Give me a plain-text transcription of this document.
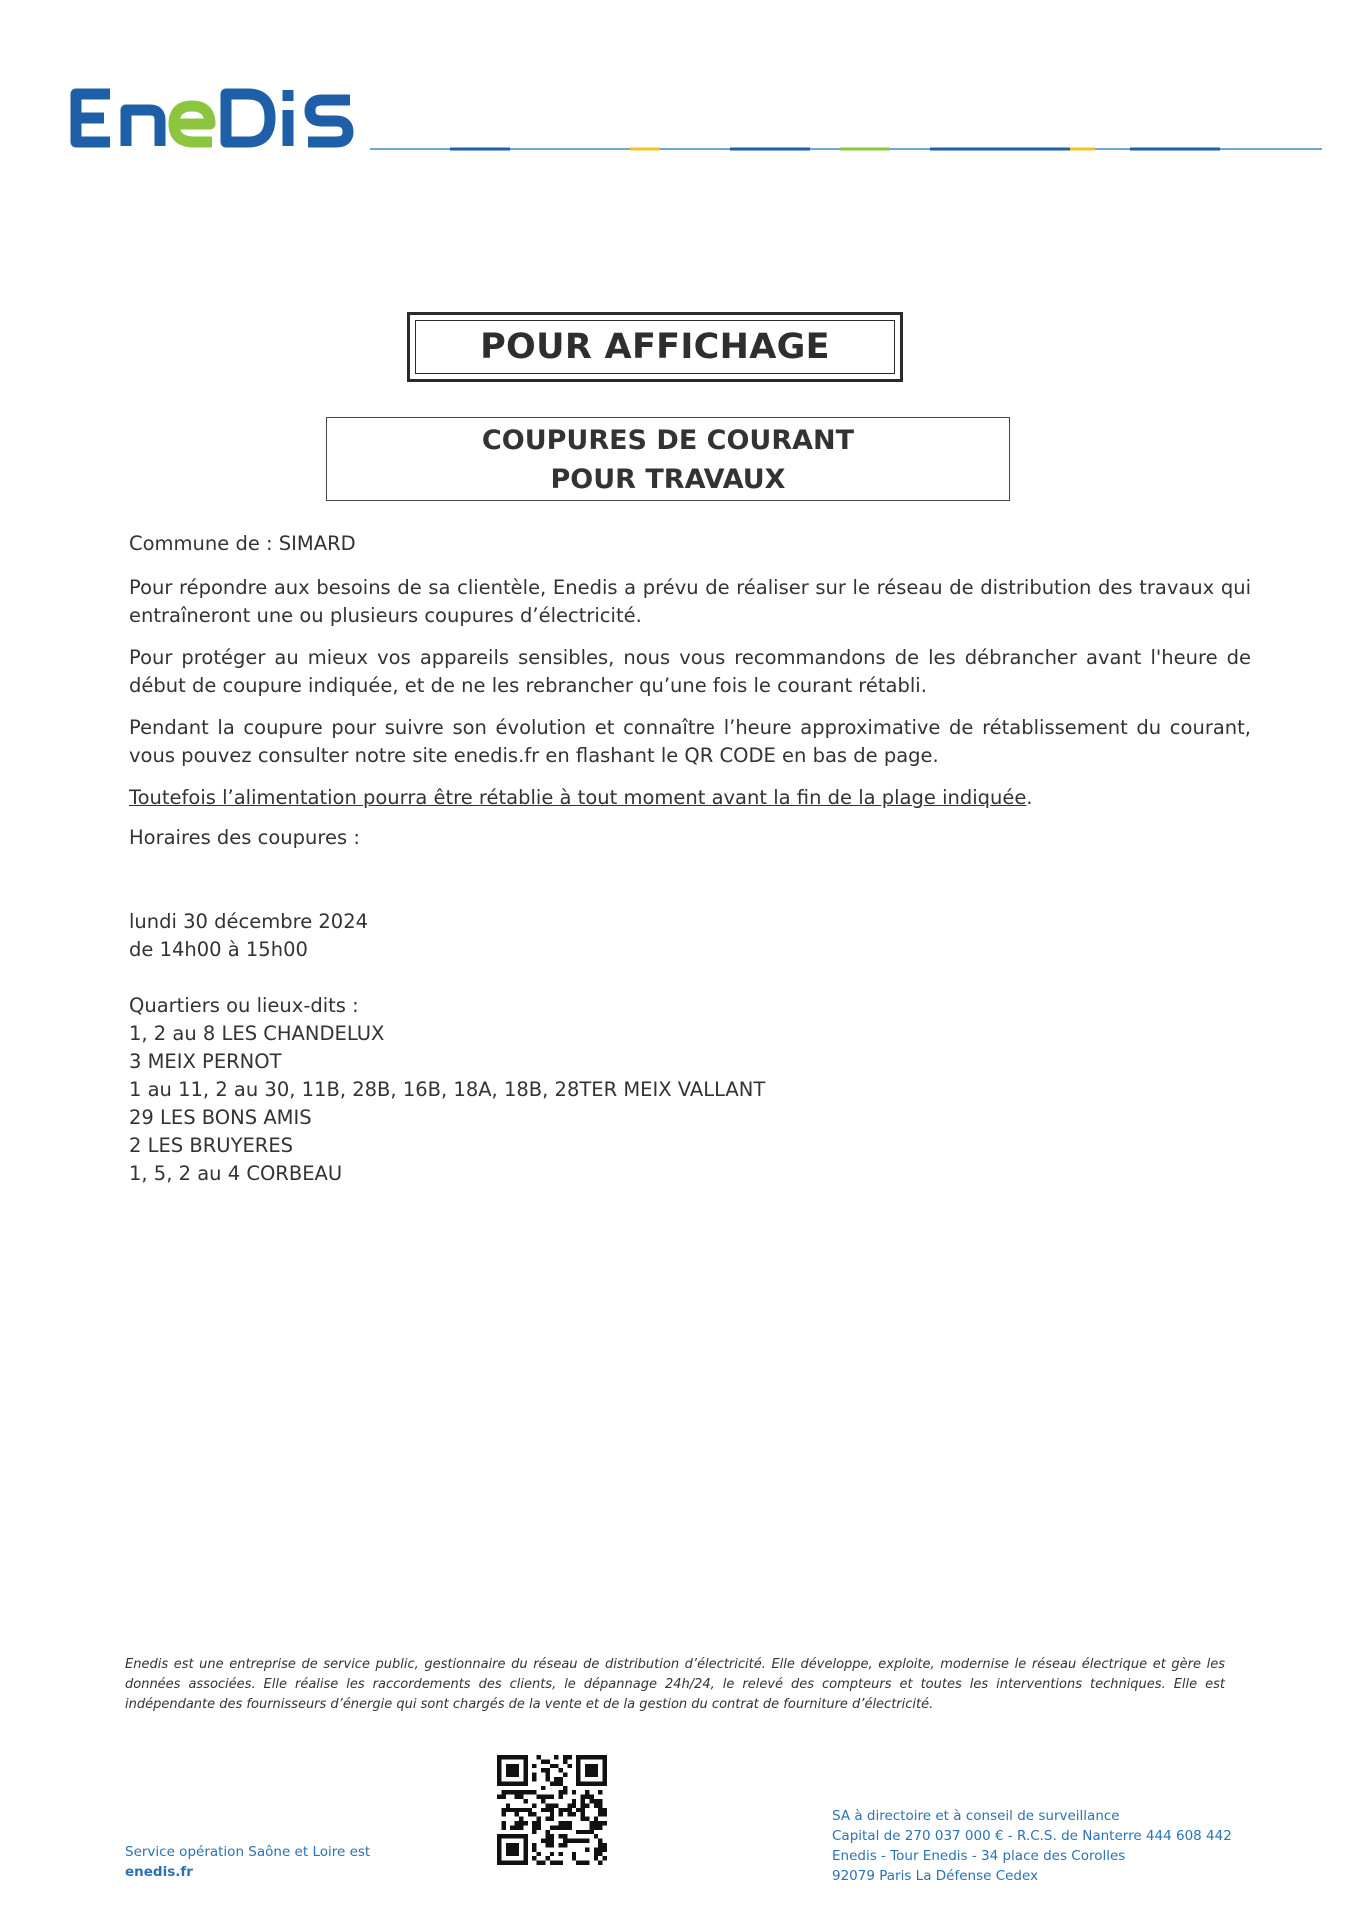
POUR AFFICHAGE
COUPURES DE COURANT
POUR TRAVAUX
Commune de : SIMARD
Pour répondre aux besoins de sa clientèle, Enedis a prévu de réaliser sur le réseau de distribution des travaux qui entraîneront une ou plusieurs coupures d’électricité.
Pour protéger au mieux vos appareils sensibles, nous vous recommandons de les débrancher avant l'heure de début de coupure indiquée, et de ne les rebrancher qu’une fois le courant rétabli.
Pendant la coupure pour suivre son évolution et connaître l’heure approximative de rétablissement du courant, vous pouvez consulter notre site enedis.fr en flashant le QR CODE en bas de page.
Toutefois l’alimentation pourra être rétablie à tout moment avant la fin de la plage indiquée.
Horaires des coupures :
lundi 30 décembre 2024
de 14h00 à 15h00
Quartiers ou lieux-dits :
1, 2 au 8 LES CHANDELUX
3 MEIX PERNOT
1 au 11, 2 au 30, 11B, 28B, 16B, 18A, 18B, 28TER MEIX VALLANT
29 LES BONS AMIS
2 LES BRUYERES
1, 5, 2 au 4 CORBEAU
Enedis est une entreprise de service public, gestionnaire du réseau de distribution d’électricité. Elle développe, exploite, modernise le réseau électrique et gère les données associées. Elle réalise les raccordements des clients, le dépannage 24h/24, le relevé des compteurs et toutes les interventions techniques. Elle est indépendante des fournisseurs d’énergie qui sont chargés de la vente et de la gestion du contrat de fourniture d’électricité.
Service opération Saône et Loire est
enedis.fr
SA à directoire et à conseil de surveillance
Capital de 270 037 000 € - R.C.S. de Nanterre 444 608 442
Enedis - Tour Enedis - 34 place des Corolles
92079 Paris La Défense Cedex
